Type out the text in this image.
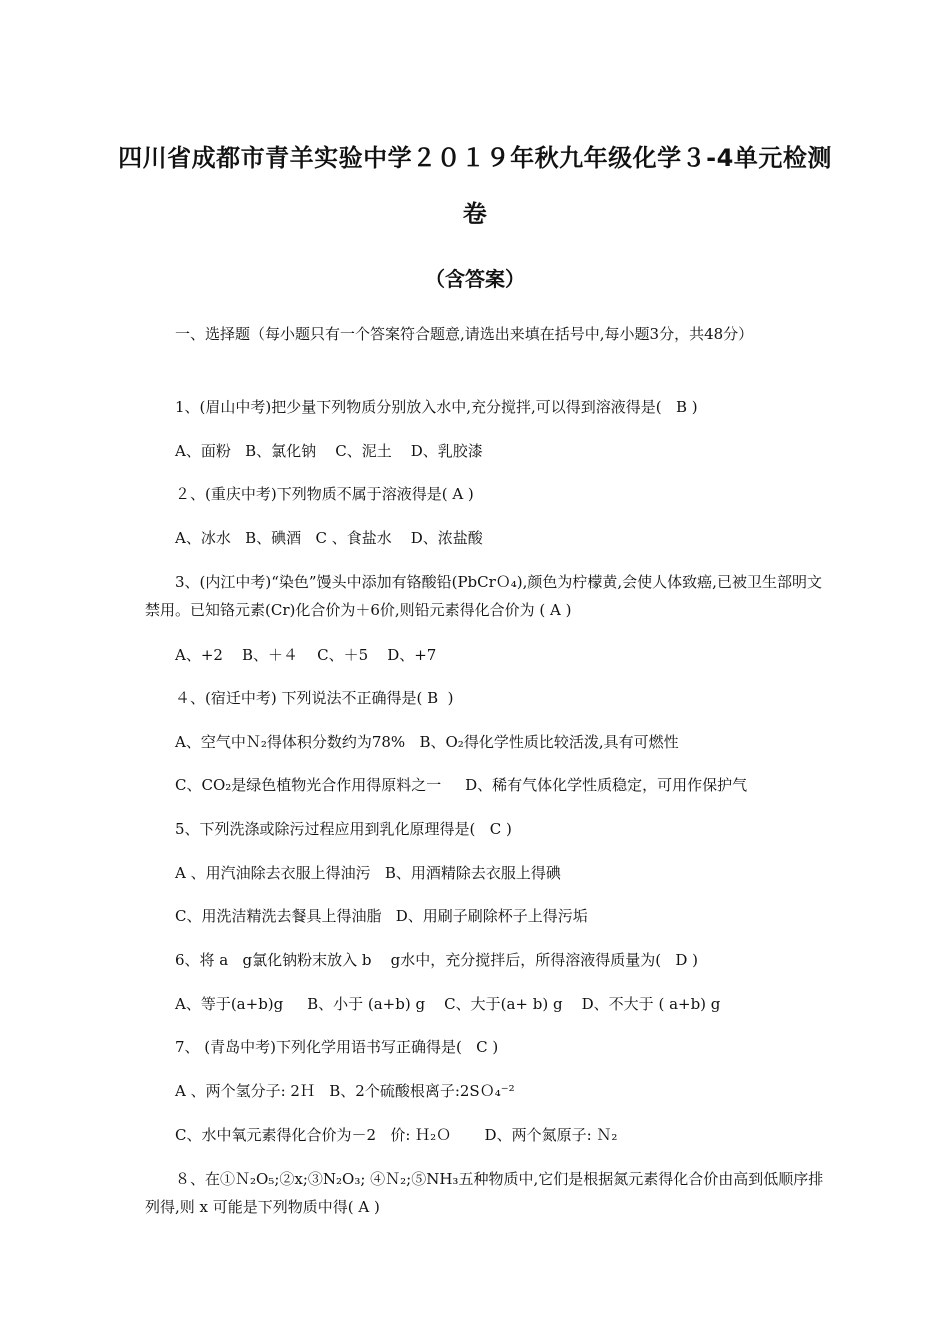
四川省成都市青羊实验中学２０１９年秋九年级化学３-4单元检测
卷
（含答案）
一、选择题（每小题只有一个答案符合题意,请选出来填在括号中,每小题3分，共48分）
1、(眉山中考)把少量下列物质分别放入水中,充分搅拌,可以得到溶液得是(   B )
A、面粉   B、氯化钠    C、泥土    D、乳胶漆
２、(重庆中考)下列物质不属于溶液得是( A )
A、冰水   B、碘酒   C 、食盐水    D、浓盐酸
3、(内江中考)“染色”馒头中添加有铬酸铅(PbCrＯ₄),颜色为柠檬黄,会使人体致癌,已被卫生部明文禁用。已知铬元素(Cr)化合价为＋6价,则铅元素得化合价为 ( A )
A、+2    B、＋４    C、＋5    D、+7
４、(宿迁中考) 下列说法不正确得是( B  )
A、空气中Ｎ₂得体积分数约为78%   B、O₂得化学性质比较活泼,具有可燃性
C、CO₂是绿色植物光合作用得原料之一     D、稀有气体化学性质稳定，可用作保护气
5、下列洗涤或除污过程应用到乳化原理得是(   C )
A 、用汽油除去衣服上得油污   B、用酒精除去衣服上得碘
C、用洗洁精洗去餐具上得油脂   D、用刷子刷除杯子上得污垢
6、将 a   g氯化钠粉末放入 b    g水中，充分搅拌后，所得溶液得质量为(   D )
A、等于(a+b)g     B、小于 (a+b) g    C、大于(a+ b) g    D、不大于 ( a+b) g
7、 (青岛中考)下列化学用语书写正确得是(   C )
A 、两个氢分子: 2Ｈ   B、2个硫酸根离子:2SＯ₄⁻²
C、水中氧元素得化合价为－2   价: Ｈ₂Ｏ       D、两个氮原子: Ｎ₂
８、在①Ｎ₂O₅;②x;③N₂O₃; ④Ｎ₂;⑤NH₃五种物质中,它们是根据氮元素得化合价由高到低顺序排列得,则 x 可能是下列物质中得( A )
